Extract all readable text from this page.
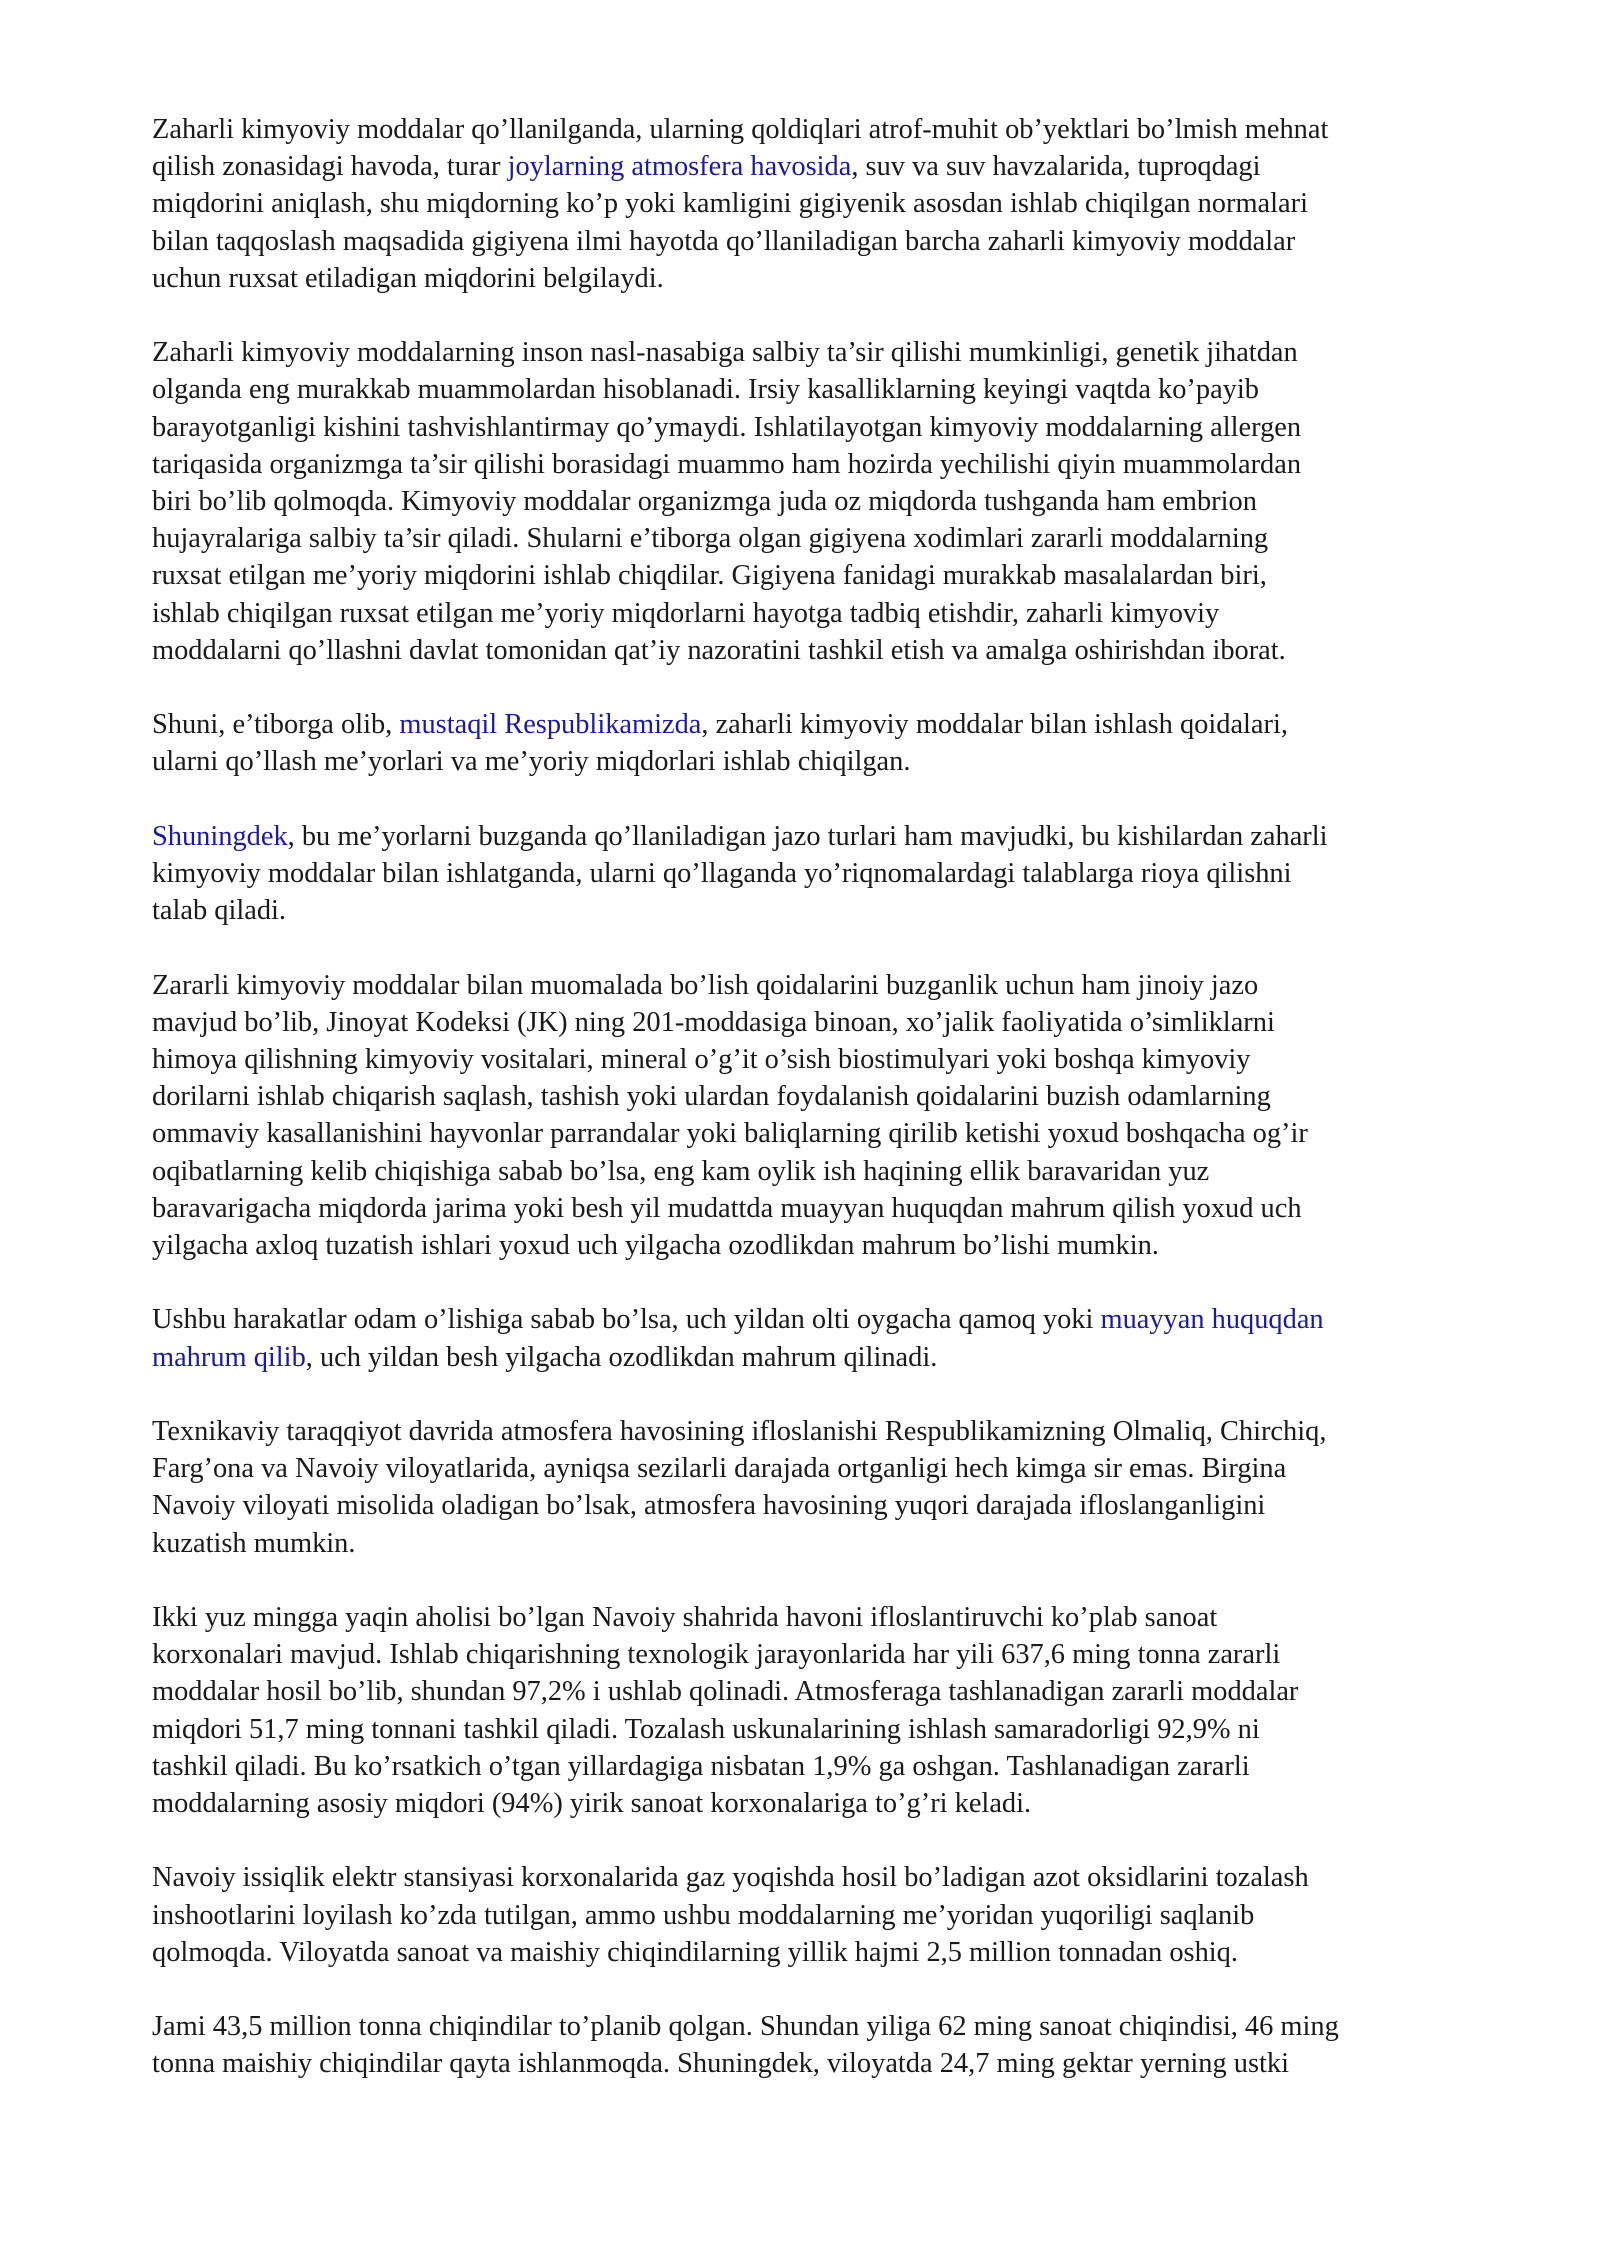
Zaharli kimyoviy moddalar qo’llanilganda, ularning qoldiqlari atrof-muhit ob’yektlari bo’lmish mehnat
qilish zonasidagi havoda, turar joylarning atmosfera havosida, suv va suv havzalarida, tuproqdagi
miqdorini aniqlash, shu miqdorning ko’p yoki kamligini gigiyenik asosdan ishlab chiqilgan normalari
bilan taqqoslash maqsadida gigiyena ilmi hayotda qo’llaniladigan barcha zaharli kimyoviy moddalar
uchun ruxsat etiladigan miqdorini belgilaydi.

Zaharli kimyoviy moddalarning inson nasl-nasabiga salbiy ta’sir qilishi mumkinligi, genetik jihatdan
olganda eng murakkab muammolardan hisoblanadi. Irsiy kasalliklarning keyingi vaqtda ko’payib
barayotganligi kishini tashvishlantirmay qo’ymaydi. Ishlatilayotgan kimyoviy moddalarning allergen
tariqasida organizmga ta’sir qilishi borasidagi muammo ham hozirda yechilishi qiyin muammolardan
biri bo’lib qolmoqda. Kimyoviy moddalar organizmga juda oz miqdorda tushganda ham embrion
hujayralariga salbiy ta’sir qiladi. Shularni e’tiborga olgan gigiyena xodimlari zararli moddalarning
ruxsat etilgan me’yoriy miqdorini ishlab chiqdilar. Gigiyena fanidagi murakkab masalalardan biri,
ishlab chiqilgan ruxsat etilgan me’yoriy miqdorlarni hayotga tadbiq etishdir, zaharli kimyoviy
moddalarni qo’llashni davlat tomonidan qat’iy nazoratini tashkil etish va amalga oshirishdan iborat.

Shuni, e’tiborga olib, mustaqil Respublikamizda, zaharli kimyoviy moddalar bilan ishlash qoidalari,
ularni qo’llash me’yorlari va me’yoriy miqdorlari ishlab chiqilgan.

Shuningdek, bu me’yorlarni buzganda qo’llaniladigan jazo turlari ham mavjudki, bu kishilardan zaharli
kimyoviy moddalar bilan ishlatganda, ularni qo’llaganda yo’riqnomalardagi talablarga rioya qilishni
talab qiladi.

Zararli kimyoviy moddalar bilan muomalada bo’lish qoidalarini buzganlik uchun ham jinoiy jazo
mavjud bo’lib, Jinoyat Kodeksi (JK) ning 201-moddasiga binoan, xo’jalik faoliyatida o’simliklarni
himoya qilishning kimyoviy vositalari, mineral o’g’it o’sish biostimulyari yoki boshqa kimyoviy
dorilarni ishlab chiqarish saqlash, tashish yoki ulardan foydalanish qoidalarini buzish odamlarning
ommaviy kasallanishini hayvonlar parrandalar yoki baliqlarning qirilib ketishi yoxud boshqacha og’ir
oqibatlarning kelib chiqishiga sabab bo’lsa, eng kam oylik ish haqining ellik baravaridan yuz
baravarigacha miqdorda jarima yoki besh yil mudattda muayyan huquqdan mahrum qilish yoxud uch
yilgacha axloq tuzatish ishlari yoxud uch yilgacha ozodlikdan mahrum bo’lishi mumkin.

Ushbu harakatlar odam o’lishiga sabab bo’lsa, uch yildan olti oygacha qamoq yoki muayyan huquqdan
mahrum qilib, uch yildan besh yilgacha ozodlikdan mahrum qilinadi.

Texnikaviy taraqqiyot davrida atmosfera havosining ifloslanishi Respublikamizning Olmaliq, Chirchiq,
Farg’ona va Navoiy viloyatlarida, ayniqsa sezilarli darajada ortganligi hech kimga sir emas. Birgina
Navoiy viloyati misolida oladigan bo’lsak, atmosfera havosining yuqori darajada ifloslanganligini
kuzatish mumkin.

Ikki yuz mingga yaqin aholisi bo’lgan Navoiy shahrida havoni ifloslantiruvchi ko’plab sanoat
korxonalari mavjud. Ishlab chiqarishning texnologik jarayonlarida har yili 637,6 ming tonna zararli
moddalar hosil bo’lib, shundan 97,2% i ushlab qolinadi. Atmosferaga tashlanadigan zararli moddalar
miqdori 51,7 ming tonnani tashkil qiladi. Tozalash uskunalarining ishlash samaradorligi 92,9% ni
tashkil qiladi. Bu ko’rsatkich o’tgan yillardagiga nisbatan 1,9% ga oshgan. Tashlanadigan zararli
moddalarning asosiy miqdori (94%) yirik sanoat korxonalariga to’g’ri keladi.

Navoiy issiqlik elektr stansiyasi korxonalarida gaz yoqishda hosil bo’ladigan azot oksidlarini tozalash
inshootlarini loyilash ko’zda tutilgan, ammo ushbu moddalarning me’yoridan yuqoriligi saqlanib
qolmoqda. Viloyatda sanoat va maishiy chiqindilarning yillik hajmi 2,5 million tonnadan oshiq.

Jami 43,5 million tonna chiqindilar to’planib qolgan. Shundan yiliga 62 ming sanoat chiqindisi, 46 ming
tonna maishiy chiqindilar qayta ishlanmoqda. Shuningdek, viloyatda 24,7 ming gektar yerning ustki
